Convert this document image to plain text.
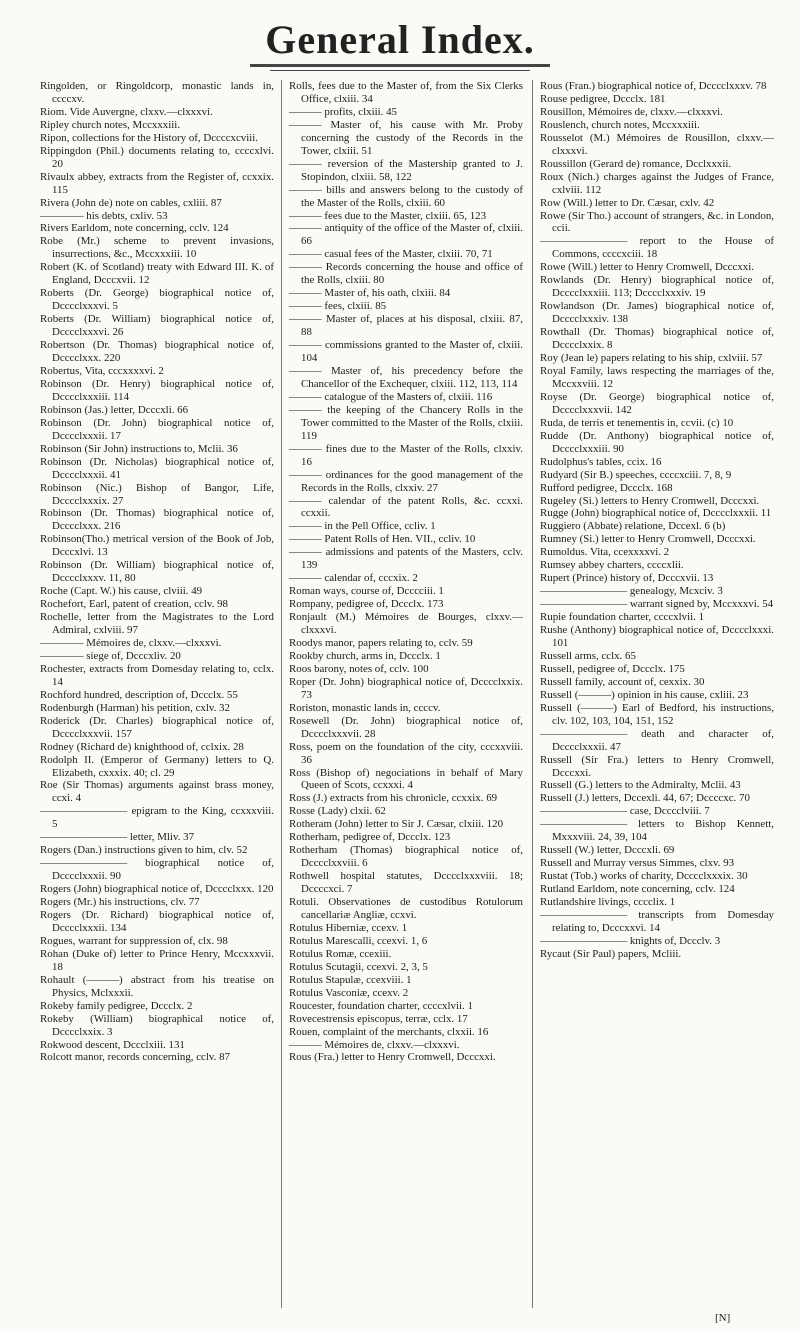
General Index.

Ringolden, or Ringoldcorp, monastic lands in, ccccxv.

Riom. Vide Auvergne, clxxv.—clxxxvi.

Ripley church notes, Mccxxxiii.

Ripon, collections for the History of, Dccccxcviii.

Rippingdon (Phil.) documents relating to, ccccxlvi. 20

Rivaulx abbey, extracts from the Register of, ccxxix. 115

Rivera (John de) note on cables, cxliii. 87

———— his debts, cxliv. 53

Rivers Earldom, note concerning, cclv. 124

Robe (Mr.) scheme to prevent invasions, insurrections, &c., Mccxxxiii. 10

Robert (K. of Scotland) treaty with Edward III. K. of England, Dcccxvii. 12

Roberts (Dr. George) biographical notice of, Dcccclxxxvi. 5

Roberts (Dr. William) biographical notice of, Dcccclxxxvi. 26

Robertson (Dr. Thomas) biographical notice of, Dcccclxxx. 220

Robertus, Vita, cccxxxxvi. 2

Robinson (Dr. Henry) biographical notice of, Dcccclxxxiii. 114

Robinson (Jas.) letter, Dcccxli. 66

Robinson (Dr. John) biographical notice of, Dcccclxxxii. 17

Robinson (Sir John) instructions to, Mclii. 36

Robinson (Dr. Nicholas) biographical notice of, Dcccclxxxii. 41

Robinson (Nic.) Bishop of Bangor, Life, Dcccclxxxix. 27

Robinson (Dr. Thomas) biographical notice of, Dcccclxxx. 216

Robinson(Tho.) metrical version of the Book of Job, Dcccxlvi. 13

Robinson (Dr. William) biographical notice of, Dcccclxxxv. 11, 80

Roche (Capt. W.) his cause, clviii. 49

Rochefort, Earl, patent of creation, cclv. 98

Rochelle, letter from the Magistrates to the Lord Admiral, cxlviii. 97

———— Mémoires de, clxxv.—clxxxvi.

———— siege of, Dcccxliv. 20

Rochester, extracts from Domesday relating to, cclx. 14

Rochford hundred, description of, Dccclx. 55

Rodenburgh (Harman) his petition, cxlv. 32

Roderick (Dr. Charles) biographical notice of, Dcccclxxxvii. 157

Rodney (Richard de) knighthood of, cclxix. 28

Rodolph II. (Emperor of Germany) letters to Q. Elizabeth, cxxxix. 40; cl. 29

Roe (Sir Thomas) arguments against brass money, ccxi. 4

———————— epigram to the King, ccxxxviii. 5

———————— letter, Mliv. 37

Rogers (Dan.) instructions given to him, clv. 52

———————— biographical notice of, Dcccclxxxii. 90

Rogers (John) biographical notice of, Dcccclxxx. 120

Rogers (Mr.) his instructions, clv. 77

Rogers (Dr. Richard) biographical notice of, Dcccclxxxii. 134

Rogues, warrant for suppression of, clx. 98

Rohan (Duke of) letter to Prince Henry, Mccxxxvii. 18

Rohault (———) abstract from his treatise on Physics, Mclxxxii.

Rokeby family pedigree, Dccclx. 2

Rokeby (William) biographical notice of, Dcccclxxix. 3

Rokwood descent, Dccclxiii. 131

Rolcott manor, records concerning, cclv. 87

Rolls, fees due to the Master of, from the Six Clerks Office, clxiii. 34

——— profits, clxiii. 45

——— Master of, his cause with Mr. Proby concerning the custody of the Records in the Tower, clxiii. 51

——— reversion of the Mastership granted to J. Stopindon, clxiii. 58, 122

——— bills and answers belong to the custody of the Master of the Rolls, clxiii. 60

——— fees due to the Master, clxiii. 65, 123

——— antiquity of the office of the Master of, clxiii. 66

——— casual fees of the Master, clxiii. 70, 71

——— Records concerning the house and office of the Rolls, clxiii. 80

——— Master of, his oath, clxiii. 84

——— fees, clxiii. 85

——— Master of, places at his disposal, clxiii. 87, 88

——— commissions granted to the Master of, clxiii. 104

——— Master of, his precedency before the Chancellor of the Exchequer, clxiii. 112, 113, 114

——— catalogue of the Masters of, clxiii. 116

——— the keeping of the Chancery Rolls in the Tower committed to the Master of the Rolls, clxiii. 119

——— fines due to the Master of the Rolls, clxxiv. 16

——— ordinances for the good management of the Records in the Rolls, clxxiv. 27

——— calendar of the patent Rolls, &c. ccxxi. ccxxii.

——— in the Pell Office, ccliv. 1

——— Patent Rolls of Hen. VII., ccliv. 10

——— admissions and patents of the Masters, cclv. 139

——— calendar of, cccxix. 2

Roman ways, course of, Dcccciii. 1

Rompany, pedigree of, Dccclx. 173

Ronjault (M.) Mémoires de Bourges, clxxv.—clxxxvi.

Roodys manor, papers relating to, cclv. 59

Rookby church, arms in, Dccclx. 1

Roos barony, notes of, cclv. 100

Roper (Dr. John) biographical notice of, Dcccclxxix. 73

Roriston, monastic lands in, ccccv.

Rosewell (Dr. John) biographical notice of, Dcccclxxxvii. 28

Ross, poem on the foundation of the city, cccxxviii. 36

Ross (Bishop of) negociations in behalf of Mary Queen of Scots, ccxxxi. 4

Ross (J.) extracts from his chronicle, ccxxix. 69

Rosse (Lady) clxii. 62

Rotheram (John) letter to Sir J. Cæsar, clxiii. 120

Rotherham, pedigree of, Dccclx. 123

Rotherham (Thomas) biographical notice of, Dcccclxxviii. 6

Rothwell hospital statutes, Dcccclxxxviii. 18; Dccccxci. 7

Rotuli. Observationes de custodibus Rotulorum cancellariæ Angliæ, ccxvi.

Rotulus Hiberniæ, ccexv. 1

Rotulus Marescalli, ccexvi. 1, 6

Rotulus Romæ, ccexiii.

Rotulus Scutagii, ccexvi. 2, 3, 5

Rotulus Stapulæ, ccexviii. 1

Rotulus Vasconiæ, ccexv. 2

Roucester, foundation charter, ccccxlvii. 1

Rovecestrensis episcopus, terræ, cclx. 17

Rouen, complaint of the merchants, clxxii. 16

——— Mémoires de, clxxv.—clxxxvi.

Rous (Fra.) letter to Henry Cromwell, Dcccxxi.

Rous (Fran.) biographical notice of, Dcccclxxxv. 78

Rouse pedigree, Dccclx. 181

Rousillon, Mémoires de, clxxv.—clxxxvi.

Rouslench, church notes, Mccxxxiii.

Rousselot (M.) Mémoires de Rousillon, clxxv.—clxxxvi.

Roussillon (Gerard de) romance, Dcclxxxii.

Roux (Nich.) charges against the Judges of France, cxlviii. 112

Row (Will.) letter to Dr. Cæsar, cxlv. 42

Rowe (Sir Tho.) account of strangers, &c. in London, ccii.

———————— report to the House of Commons, ccccxciii. 18

Rowe (Will.) letter to Henry Cromwell, Dcccxxi.

Rowlands (Dr. Henry) biographical notice of, Dcccclxxxiii. 113; Dcccclxxxiv. 19

Rowlandson (Dr. James) biographical notice of, Dcccclxxxiv. 138

Rowthall (Dr. Thomas) biographical notice of, Dcccclxxix. 8

Roy (Jean le) papers relating to his ship, cxlviii. 57

Royal Family, laws respecting the marriages of the, Mccxxviii. 12

Royse (Dr. George) biographical notice of, Dcccclxxxvii. 142

Ruda, de terris et tenementis in, ccvii. (c) 10

Rudde (Dr. Anthony) biographical notice of, Dcccclxxxiii. 90

Rudolphus's tables, ccix. 16

Rudyard (Sir B.) speeches, ccccxciii. 7, 8, 9

Rufford pedigree, Dccclx. 168

Rugeley (Si.) letters to Henry Cromwell, Dcccxxi.

Rugge (John) biographical notice of, Dcccclxxxii. 11

Ruggiero (Abbate) relatione, Dccexl. 6 (b)

Rumney (Si.) letter to Henry Cromwell, Dcccxxi.

Rumoldus. Vita, ccexxxxvi. 2

Rumsey abbey charters, ccccxlii.

Rupert (Prince) history of, Dcccxvii. 13

———————— genealogy, Mcxciv. 3

———————— warrant signed by, Mccxxxvi. 54

Rupie foundation charter, ccccxlvii. 1

Rushe (Anthony) biographical notice of, Dcccclxxxi. 101

Russell arms, cclx. 65

Russell, pedigree of, Dccclx. 175

Russell family, account of, cexxix. 30

Russell (———) opinion in his cause, cxliii. 23

Russell (———) Earl of Bedford, his instructions, clv. 102, 103, 104, 151, 152

———————— death and character of, Dcccclxxxii. 47

Russell (Sir Fra.) letters to Henry Cromwell, Dcccxxi.

Russell (G.) letters to the Admiralty, Mclii. 43

Russell (J.) letters, Dccexli. 44, 67; Dccccxc. 70

———————— case, Dcccclviii. 7

———————— letters to Bishop Kennett, Mxxxviii. 24, 39, 104

Russell (W.) letter, Dcccxli. 69

Russell and Murray versus Simmes, clxv. 93

Rustat (Tob.) works of charity, Dcccclxxxix. 30

Rutland Earldom, note concerning, cclv. 124

Rutlandshire livings, cccclix. 1

———————— transcripts from Domesday relating to, Dcccxxvi. 14

———————— knights of, Dccclv. 3

Rycaut (Sir Paul) papers, Mcliii.

[N]
